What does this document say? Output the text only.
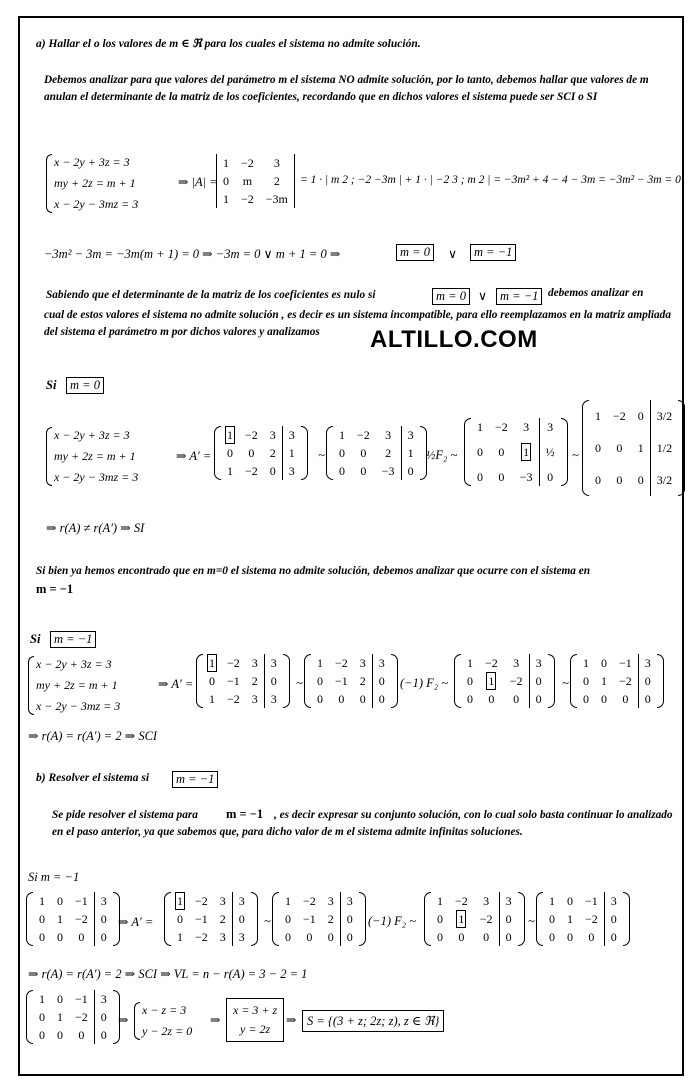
a) Hallar el o los valores de m ∈ ℜ para los cuales el sistema no admite solución.
Debemos analizar para que valores del parámetro m el sistema NO admite solución, por lo tanto, debemos hallar que valores de m anulan el determinante de la matriz de los coeficientes, recordando que en dichos valores el sistema puede ser SCI o SI
x − 2y + 3z = 3
my + 2z = m + 1
x − 2y − 3mz = 3
⇒ |A| =
1	−2	3
0	m	2
1	−2	−3m
= 1 · | m 2 ; −2 −3m | + 1 · | −2 3 ; m 2 | = −3m² + 4 − 4 − 3m = −3m² − 3m = 0
−3m² − 3m = −3m(m + 1) = 0 ⇒ −3m = 0 ∨ m + 1 = 0 ⇒	m = 0	∨	m = −1
Sabiendo que el determinante de la matriz de los coeficientes es nulo si	m = 0 ∨	m = −1 debemos analizar en
cual de estos valores el sistema no admite solución , es decir es un sistema incompatible, para ello reemplazamos en la matriz ampliada del sistema el parámetro m por dichos valores y analizamos	ALTILLO.COM
Si	m = 0
x − 2y + 3z = 3
my + 2z = m + 1
x − 2y − 3mz = 3
⇒ A′ =
1	−2	3	3
0	0	2	1
1	−2	0	3
~
1	−2	3	3
0	0	2	1
0	0	−3	0
½F₂ ~
1	−2	3	3
0	0	1	½
0	0	−3	0
~
1	−2	0	3/2
0	0	1	1/2
0	0	0	3/2
⇒ r(A) ≠ r(A′) ⇒ SI
Si bien ya hemos encontrado que en m=0 el sistema no admite solución, debemos analizar que ocurre con el sistema en
m = −1
Si	m = −1
x − 2y + 3z = 3
my + 2z = m + 1
x − 2y − 3mz = 3
⇒ A′ =
1	−2	3	3
0	−1	2	0
1	−2	3	3
~
1	−2	3	3
0	−1	2	0
0	0	0	0
(−1) F₂ ~
1	−2	3	3
0	1	−2	0
0	0	0	0
~
1	0	−1	3
0	1	−2	0
0	0	0	0
⇒ r(A) = r(A′) = 2 ⇒ SCI
b) Resolver el sistema si	m = −1
Se pide resolver el sistema para m = −1 , es decir expresar su conjunto solución, con lo cual solo basta continuar lo analizado en el paso anterior, ya que sabemos que, para dicho valor de m el sistema admite infinitas soluciones.
Si m = −1
1	0	−1	3
0	1	−2	0
0	0	0	0
⇒ A′ =
1	−2	3	3
0	−1	2	0
1	−2	3	3
~
1	−2	3	3
0	−1	2	0
0	0	0	0
(−1) F₂ ~
1	−2	3	3
0	1	−2	0
0	0	0	0
~
1	0	−1	3
0	1	−2	0
0	0	0	0
⇒ r(A) = r(A′) = 2 ⇒ SCI ⇒ VL = n − r(A) = 3 − 2 = 1
1	0	−1	3
0	1	−2	0
0	0	0	0
⇒
x − z = 3
y − 2z = 0
⇒
x = 3 + z
y = 2z
⇒ S = {(3 + z; 2z; z), z ∈ ℜ}
